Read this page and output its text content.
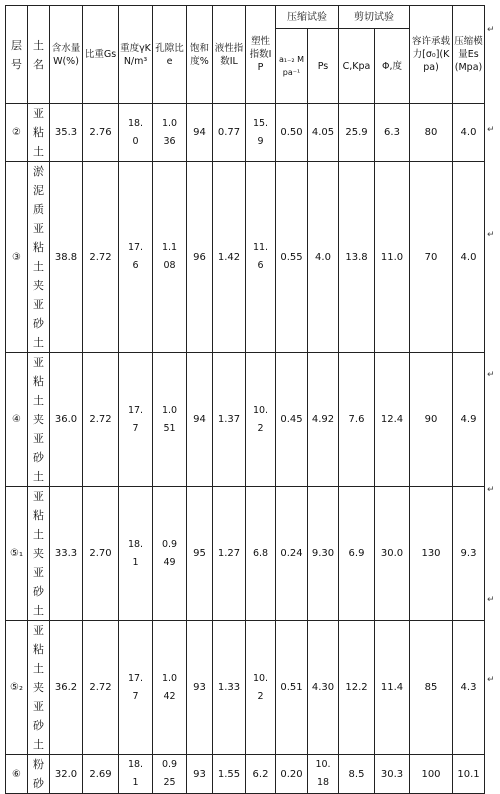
层号	土名	含水量W(%)	比重Gs	重度γKN/m³	孔隙比e	饱和度%	液性指数IL	塑性指数IP	压缩试验		剪切试验		容许承载力[σ₀](Kpa)	压缩模量Es(Mpa)
									a₁₋₂ Mpa⁻¹	Ps	C,Kpa	Φ,度		
②	亚粘土	35.3	2.76	18.0	1.036	94	0.77	15.9	0.50	4.05	25.9	6.3	80	4.0
③	淤泥质亚粘土夹亚砂土	38.8	2.72	17.6	1.108	96	1.42	11.6	0.55	4.0	13.8	11.0	70	4.0
④	亚粘土夹亚砂土	36.0	2.72	17.7	1.051	94	1.37	10.2	0.45	4.92	7.6	12.4	90	4.9
⑤₁	亚粘土夹亚砂土	33.3	2.70	18.1	0.949	95	1.27	6.8	0.24	9.30	6.9	30.0	130	9.3
⑤₂	亚粘土夹亚砂土	36.2	2.72	17.7	1.042	93	1.33	10.2	0.51	4.30	12.2	11.4	85	4.3
⑥	粉砂	32.0	2.69	18.1	0.925	93	1.55	6.2	0.20	10.18	8.5	30.3	100	10.1
↵
↵
↵
↵
↵
↵
↵
